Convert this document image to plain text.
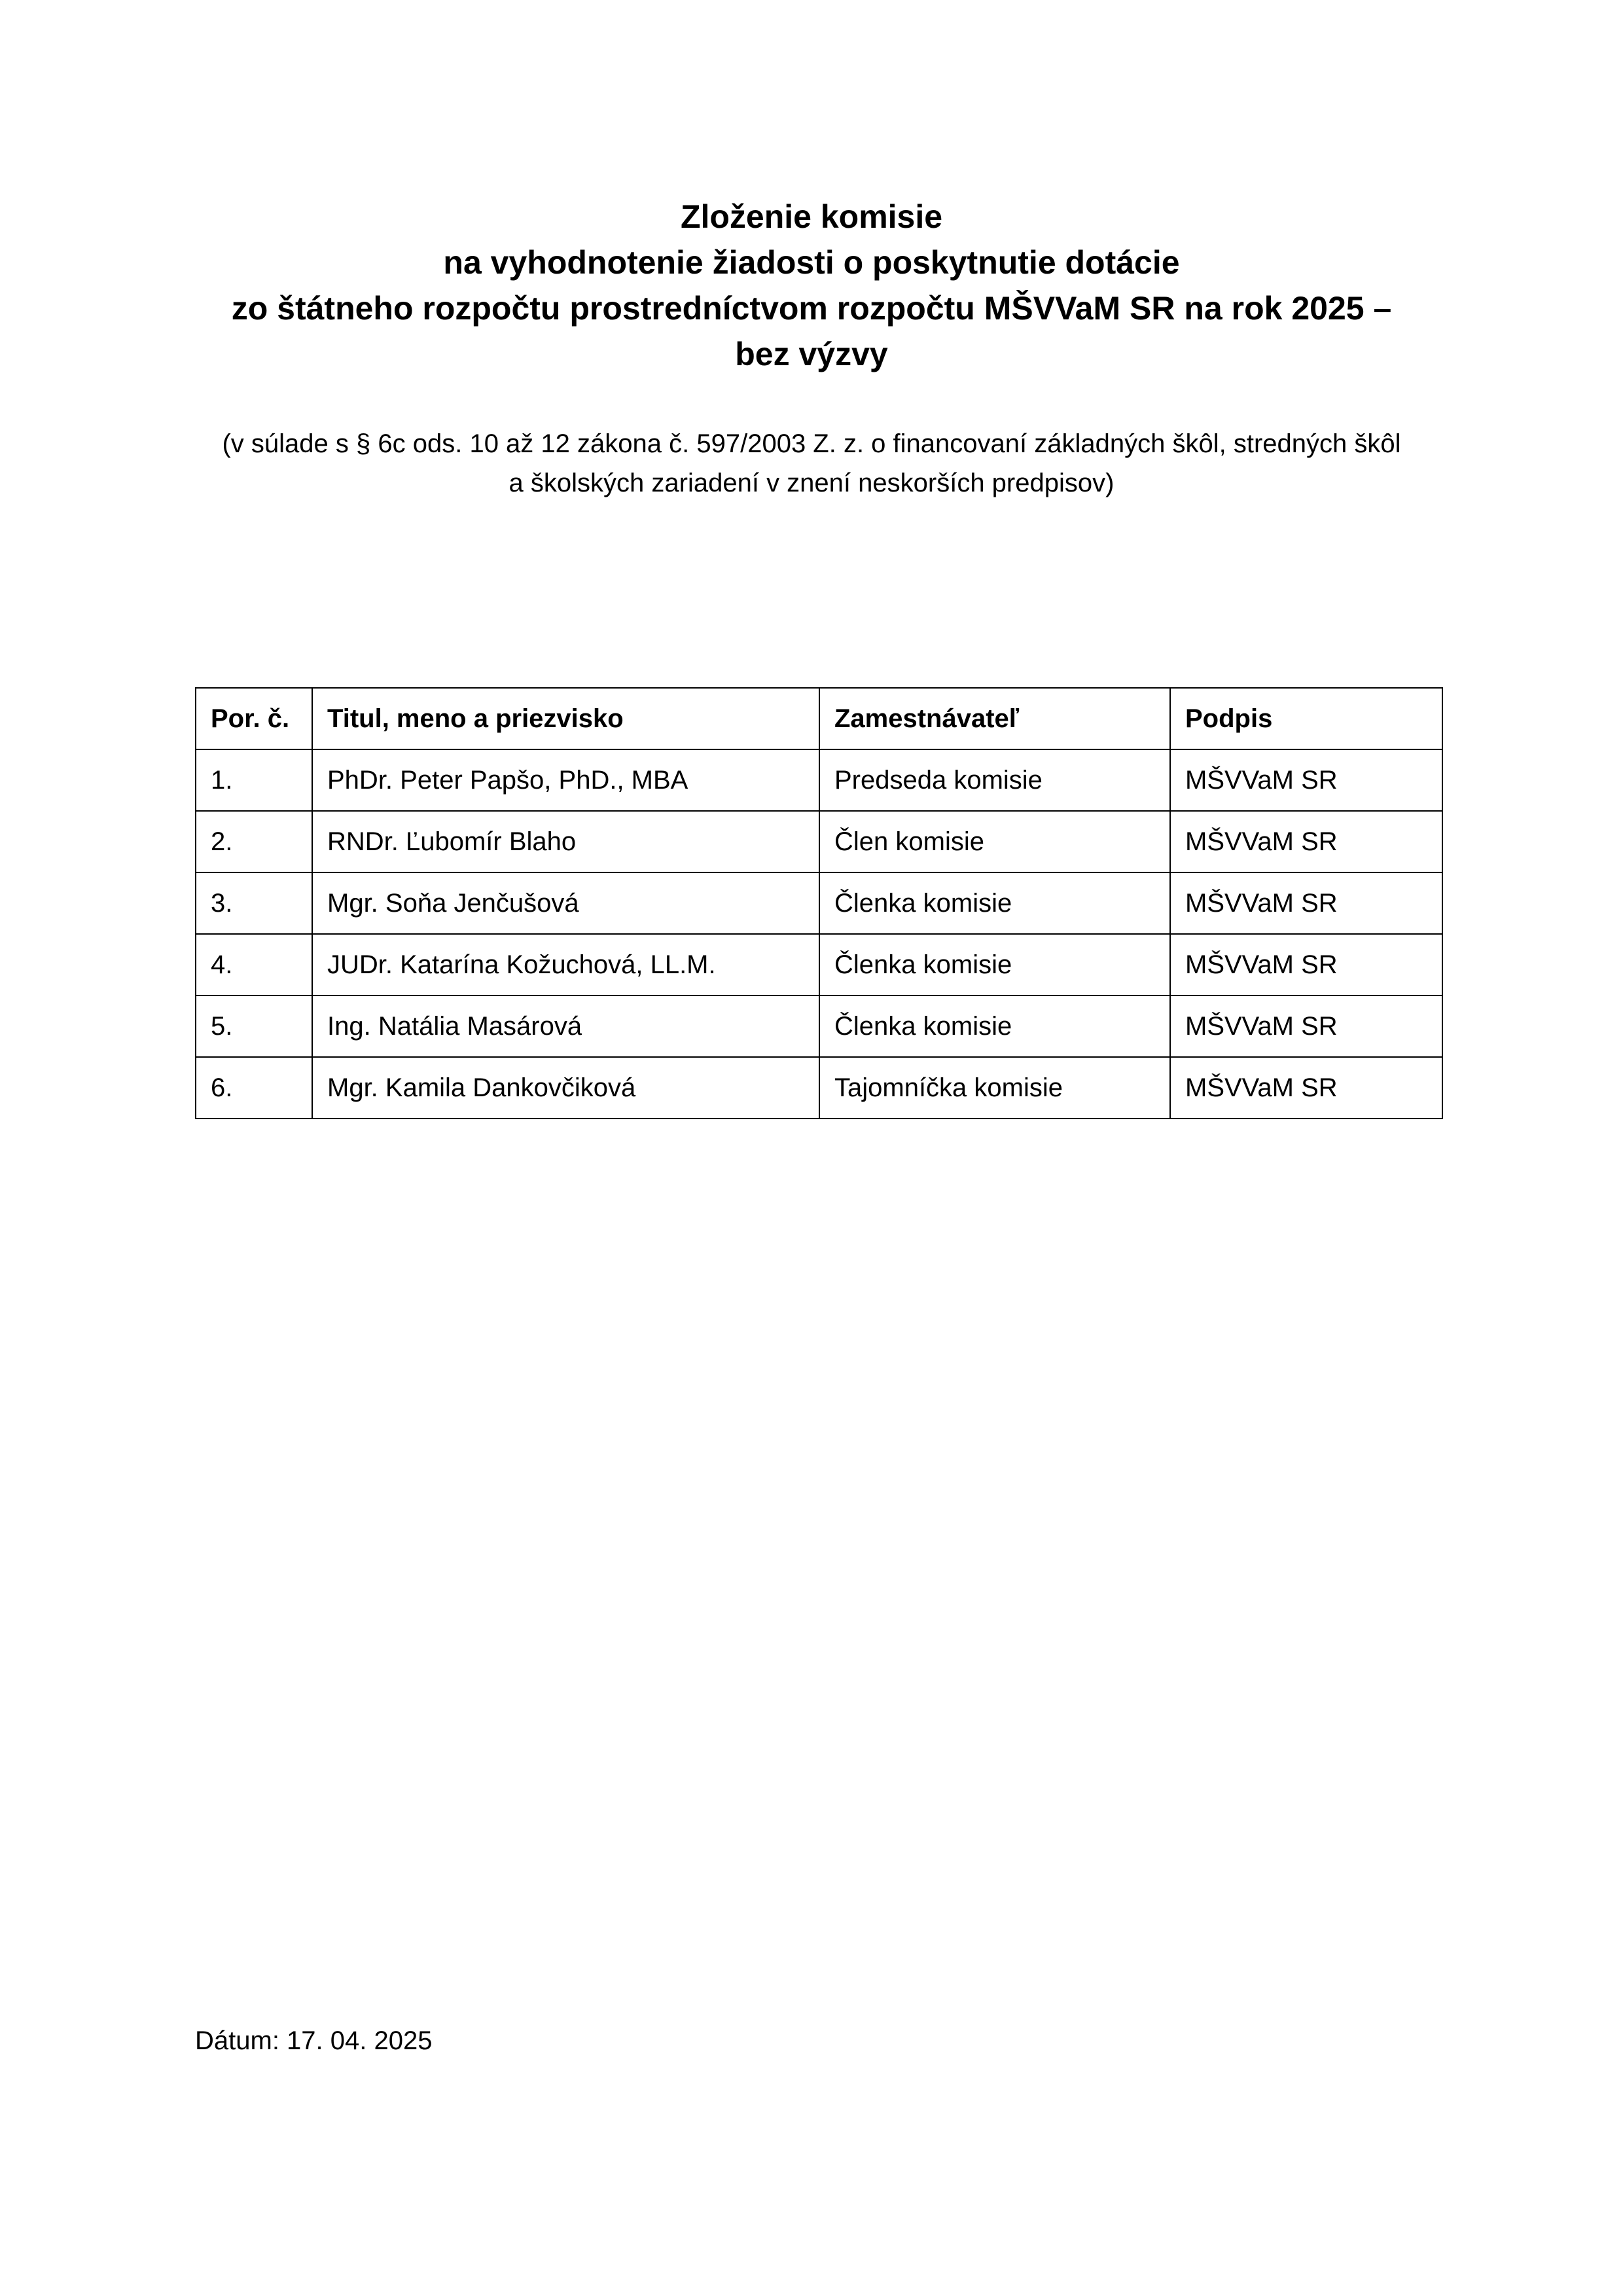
Zloženie komisie
na vyhodnotenie žiadosti o poskytnutie dotácie
zo štátneho rozpočtu prostredníctvom rozpočtu MŠVVaM SR na rok 2025 –
bez výzvy
(v súlade s § 6c ods. 10 až 12 zákona č. 597/2003 Z. z. o financovaní základných škôl, stredných škôl
a školských zariadení v znení neskorších predpisov)
Por. č.	Titul, meno a priezvisko	Zamestnávateľ	Podpis
1.	PhDr. Peter Papšo, PhD., MBA	Predseda komisie	MŠVVaM SR
2.	RNDr. Ľubomír Blaho	Člen komisie	MŠVVaM SR
3.	Mgr. Soňa Jenčušová	Členka komisie	MŠVVaM SR
4.	JUDr. Katarína Kožuchová, LL.M.	Členka komisie	MŠVVaM SR
5.	Ing. Natália Masárová	Členka komisie	MŠVVaM SR
6.	Mgr. Kamila Dankovčiková	Tajomníčka komisie	MŠVVaM SR
Dátum: 17. 04. 2025
